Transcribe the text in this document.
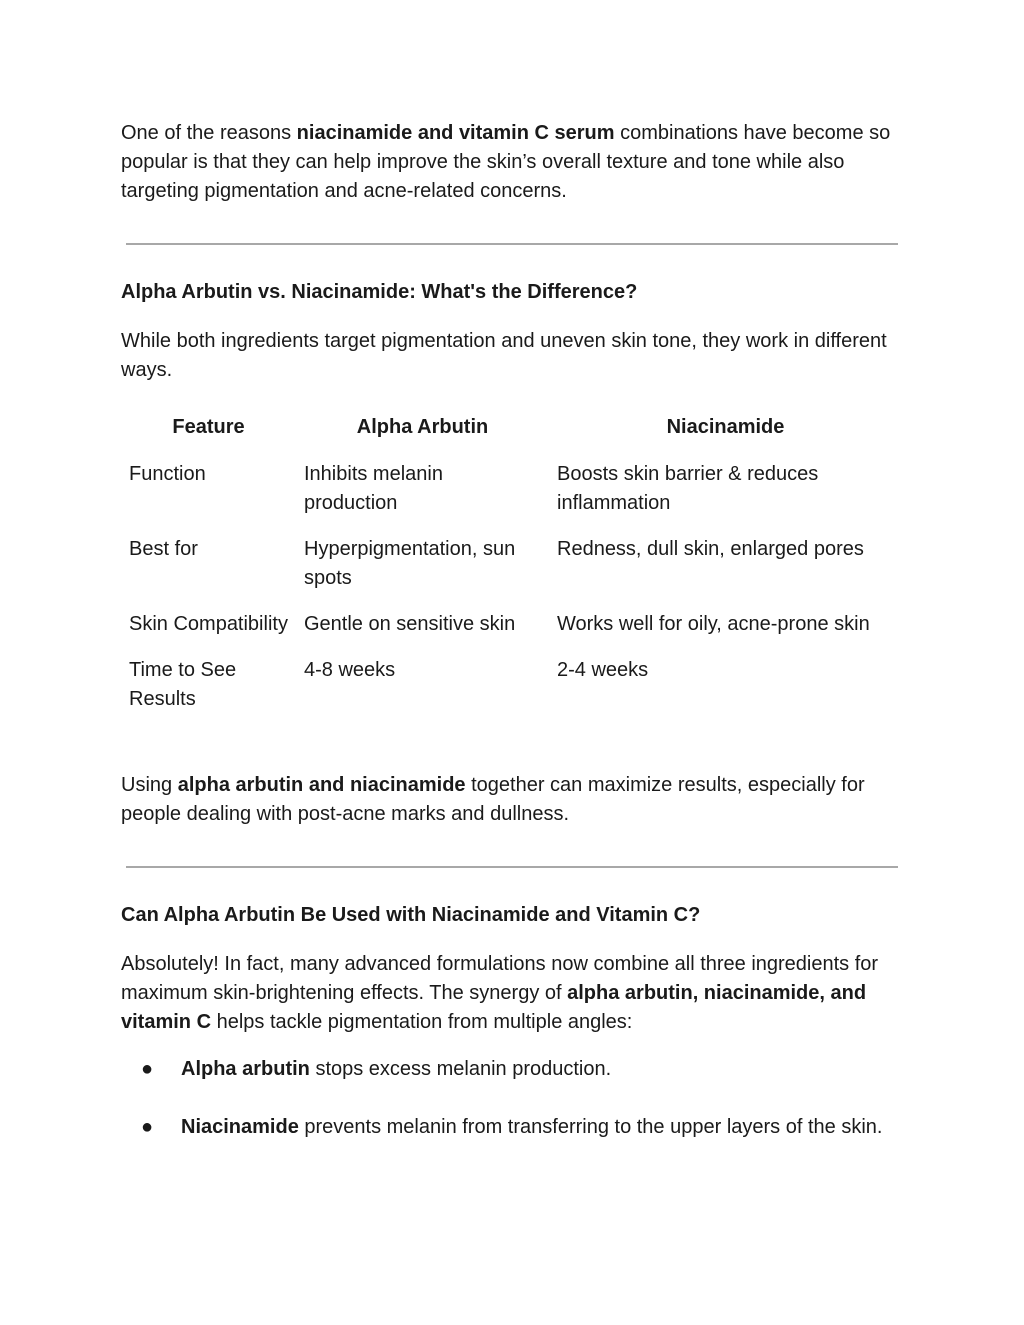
One of the reasons niacinamide and vitamin C serum combinations have become so popular is that they can help improve the skin’s overall texture and tone while also targeting pigmentation and acne-related concerns.

Alpha Arbutin vs. Niacinamide: What's the Difference?

While both ingredients target pigmentation and uneven skin tone, they work in different ways.

Feature	Alpha Arbutin	Niacinamide
Function	Inhibits melanin production	Boosts skin barrier & reduces inflammation
Best for	Hyperpigmentation, sun spots	Redness, dull skin, enlarged pores
Skin Compatibility	Gentle on sensitive skin	Works well for oily, acne-prone skin
Time to See Results	4-8 weeks	2-4 weeks

Using alpha arbutin and niacinamide together can maximize results, especially for people dealing with post-acne marks and dullness.

Can Alpha Arbutin Be Used with Niacinamide and Vitamin C?

Absolutely! In fact, many advanced formulations now combine all three ingredients for maximum skin-brightening effects. The synergy of alpha arbutin, niacinamide, and vitamin C helps tackle pigmentation from multiple angles:

● Alpha arbutin stops excess melanin production.
● Niacinamide prevents melanin from transferring to the upper layers of the skin.
